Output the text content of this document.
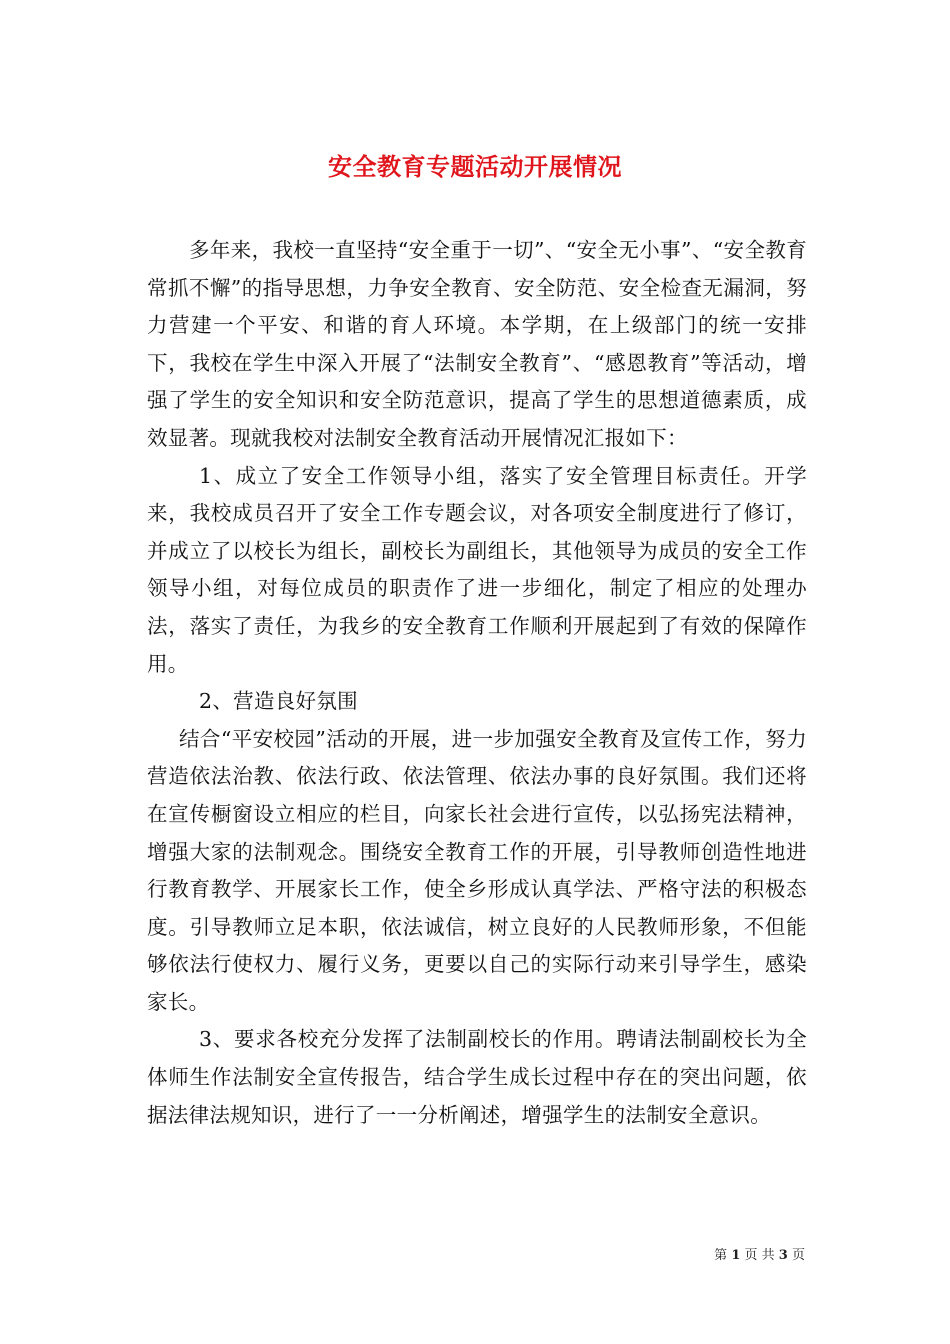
安全教育专题活动开展情况

多年来，我校一直坚持“安全重于一切”、“安全无小事”、“安全教育常抓不懈”的指导思想，力争安全教育、安全防范、安全检查无漏洞，努力营建一个平安、和谐的育人环境。本学期，在上级部门的统一安排下，我校在学生中深入开展了“法制安全教育”、“感恩教育”等活动，增强了学生的安全知识和安全防范意识，提高了学生的思想道德素质，成效显著。现就我校对法制安全教育活动开展情况汇报如下：

1、成立了安全工作领导小组，落实了安全管理目标责任。开学来，我校成员召开了安全工作专题会议，对各项安全制度进行了修订，并成立了以校长为组长，副校长为副组长，其他领导为成员的安全工作领导小组，对每位成员的职责作了进一步细化，制定了相应的处理办法，落实了责任，为我乡的安全教育工作顺利开展起到了有效的保障作用。

2、营造良好氛围

结合“平安校园”活动的开展，进一步加强安全教育及宣传工作，努力营造依法治教、依法行政、依法管理、依法办事的良好氛围。我们还将在宣传橱窗设立相应的栏目，向家长社会进行宣传，以弘扬宪法精神，增强大家的法制观念。围绕安全教育工作的开展，引导教师创造性地进行教育教学、开展家长工作，使全乡形成认真学法、严格守法的积极态度。引导教师立足本职，依法诚信，树立良好的人民教师形象，不但能够依法行使权力、履行义务，更要以自己的实际行动来引导学生，感染家长。

3、要求各校充分发挥了法制副校长的作用。聘请法制副校长为全体师生作法制安全宣传报告，结合学生成长过程中存在的突出问题，依据法律法规知识，进行了一一分析阐述，增强学生的法制安全意识。

第 1 页 共 3 页
